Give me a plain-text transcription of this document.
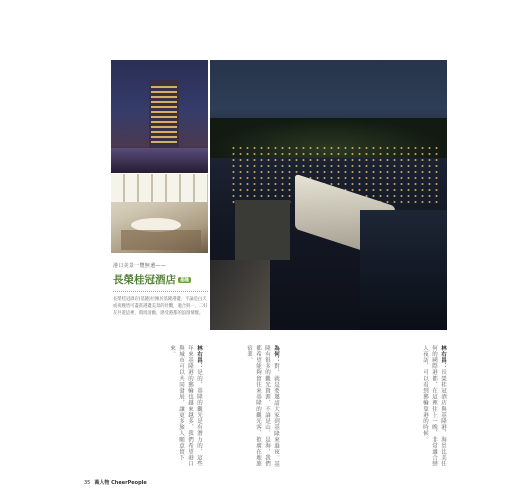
港口美景一覽無遺——
長榮桂冠酒店 基隆
長榮桂冠酒店(基隆)位擁於基隆港邊，不論是白天或夜晚皆可盡賞港邊美景的壯觀，適合與一、二好友共遊這裡，環境清幽，感受港都的浪漫情懷。
林右昌：長榮桂冠酒店與基隆港，海景比美任何的國際港都，在這裡住上一晚，非常適合戀人夜訪，可以看到郵輪靠港的時候。
為何：對，就是要邀請大家到基隆來過夜。基隆有很多的觀光資源，不論是山、是海，我們都希望能夠留住來基隆的觀光客，推廣在地旅宿業。
林右昌：是的，基隆的觀光是有潛力的，這些年來基隆港的郵輪也越來越多，我們希望港口與城市可以共同發展，讓更多旅人願意留下來。
35 萬人物 CheerPeople
